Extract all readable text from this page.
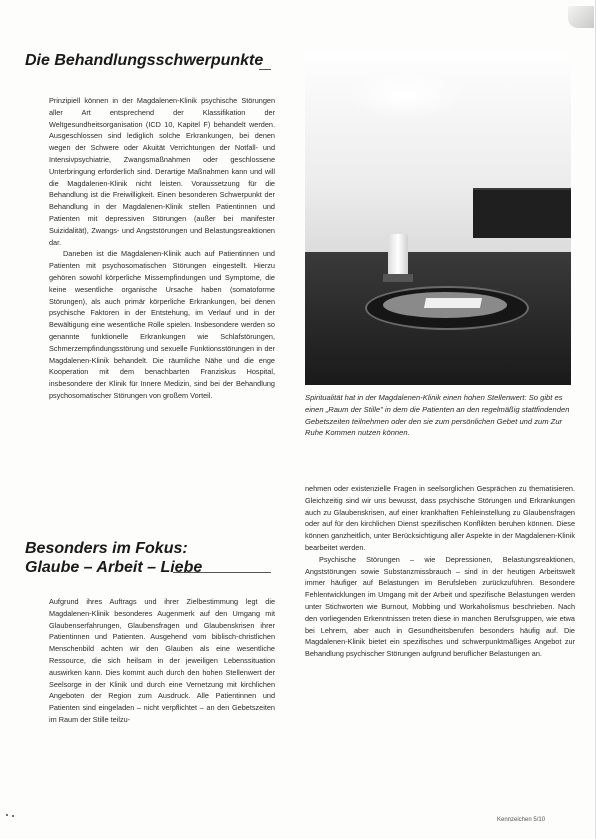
Die Behandlungsschwerpunkte

Prinzipiell können in der Magdalenen-Klinik psychische Störungen aller Art entsprechend der Klassifikation der Weltgesundheitsorganisation (ICD 10, Kapitel F) behandelt werden. Ausgeschlossen sind lediglich solche Erkrankungen, bei denen wegen der Schwere oder Akuität Verrichtungen der Notfall- und Intensivpsychiatrie, Zwangsmaßnahmen oder geschlossene Unterbringung erforderlich sind. Derartige Maßnahmen kann und will die Magdalenen-Klinik nicht leisten. Voraussetzung für die Behandlung ist die Freiwilligkeit. Einen besonderen Schwerpunkt der Behandlung in der Magdalenen-Klinik stellen Patientinnen und Patienten mit depressiven Störungen (außer bei manifester Suizidalität), Zwangs- und Angststörungen und Belastungsreaktionen dar.

Daneben ist die Magdalenen-Klinik auch auf Patientinnen und Patienten mit psychosomatischen Störungen eingestellt. Hierzu gehören sowohl körperliche Missempfindungen und Symptome, die keine wesentliche organische Ursache haben (somatoforme Störungen), als auch primär körperliche Erkrankungen, bei denen psychische Faktoren in der Entstehung, im Verlauf und in der Bewältigung eine wesentliche Rolle spielen. Insbesondere werden so genannte funktionelle Erkrankungen wie Schlafstörungen, Schmerzempfindungsstörung und sexuelle Funktionsstörungen in der Magdalenen-Klinik behandelt. Die räumliche Nähe und die enge Kooperation mit dem benachbarten Franziskus Hospital, insbesondere der Klinik für Innere Medizin, sind bei der Behandlung psychosomatischer Störungen von großem Vorteil.

Besonders im Fokus:
Glaube – Arbeit – Liebe

Aufgrund ihres Auftrags und ihrer Zielbestimmung legt die Magdalenen-Klinik besonderes Augenmerk auf den Umgang mit Glaubenserfahrungen, Glaubensfragen und Glaubenskrisen ihrer Patientinnen und Patienten. Ausgehend vom biblisch-christlichen Menschenbild achten wir den Glauben als eine wesentliche Ressource, die sich heilsam in der jeweiligen Lebenssituation auswirken kann. Dies kommt auch durch den hohen Stellenwert der Seelsorge in der Klinik und durch eine Vernetzung mit kirchlichen Angeboten der Region zum Ausdruck. Alle Patientinnen und Patienten sind eingeladen – nicht verpflichtet – an den Gebetszeiten im Raum der Stille teilzu-

Spiritualität hat in der Magdalenen-Klinik einen hohen Stellenwert: So gibt es einen „Raum der Stille" in dem die Patienten an den regelmäßig stattfindenden Gebetszeiten teilnehmen oder den sie zum persönlichen Gebet und zum Zur Ruhe Kommen nutzen können.

nehmen oder existenzielle Fragen in seelsorglichen Gesprächen zu thematisieren. Gleichzeitig sind wir uns bewusst, dass psychische Störungen und Erkrankungen auch zu Glaubenskrisen, auf einer krankhaften Fehleinstellung zu Glaubensfragen oder auf für den kirchlichen Dienst spezifischen Konflikten beruhen können. Diese können ganzheitlich, unter Berücksichtigung aller Aspekte in der Magdalenen-Klinik bearbeitet werden.

Psychische Störungen – wie Depressionen, Belastungsreaktionen, Angststörungen sowie Substanzmissbrauch – sind in der heutigen Arbeitswelt immer häufiger auf Belastungen im Berufsleben zurückzuführen. Besondere Fehlentwicklungen im Umgang mit der Arbeit und spezifische Belastungen werden unter Stichworten wie Burnout, Mobbing und Workaholismus beschrieben. Nach den vorliegenden Erkenntnissen treten diese in manchen Berufsgruppen, wie etwa bei Lehrern, aber auch in Gesundheitsberufen besonders häufig auf. Die Magdalenen-Klinik bietet ein spezifisches und schwerpunktmäßiges Angebot zur Behandlung psychischer Störungen aufgrund beruflicher Belastungen an.

Kennzeichen 5/10
